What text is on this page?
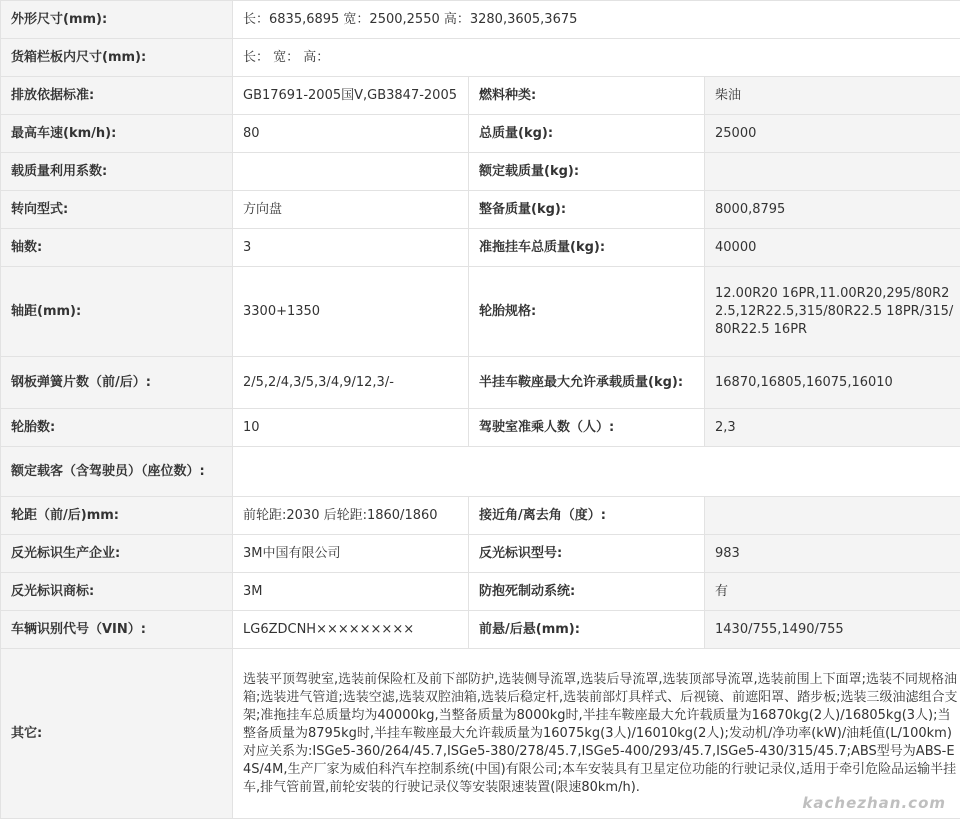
外形尺寸(mm):	长：6835,6895 宽：2500,2550 高：3280,3605,3675		
货箱栏板内尺寸(mm):	长： 宽： 高：		
排放依据标准:	GB17691-2005国Ⅴ,GB3847-2005	燃料种类:	柴油
最高车速(km/h):	80	总质量(kg):	25000
载质量利用系数:		额定载质量(kg):	
转向型式:	方向盘	整备质量(kg):	8000,8795
轴数:	3	准拖挂车总质量(kg):	40000
轴距(mm):	3300+1350	轮胎规格:	12.00R20 16PR,11.00R20,295/80R22.5,12R22.5,315/80R22.5 18PR/315/80R22.5 16PR
钢板弹簧片数（前/后）:	2/5,2/4,3/5,3/4,9/12,3/-	半挂车鞍座最大允许承载质量(kg):	16870,16805,16075,16010
轮胎数:	10	驾驶室准乘人数（人）:	2,3
额定载客（含驾驶员）（座位数）:			
轮距（前/后)mm:	前轮距:2030 后轮距:1860/1860	接近角/离去角（度）:	
反光标识生产企业:	3M中国有限公司	反光标识型号:	983
反光标识商标:	3M	防抱死制动系统:	有
车辆识别代号（VIN）:	LG6ZDCNH×××××××××	前悬/后悬(mm):	1430/755,1490/755
其它:	选装平顶驾驶室,选装前保险杠及前下部防护,选装侧导流罩,选装后导流罩,选装顶部导流罩,选装前围上下面罩;选装不同规格油箱;选装进气管道;选装空滤,选装双腔油箱,选装后稳定杆,选装前部灯具样式、后视镜、前遮阳罩、踏步板;选装三级油滤组合支架;准拖挂车总质量均为40000kg,当整备质量为8000kg时,半挂车鞍座最大允许载质量为16870kg(2人)/16805kg(3人);当整备质量为8795kg时,半挂车鞍座最大允许载质量为16075kg(3人)/16010kg(2人);发动机/净功率(kW)/油耗值(L/100km)对应关系为:ISGe5-360/264/45.7,ISGe5-380/278/45.7,ISGe5-400/293/45.7,ISGe5-430/315/45.7;ABS型号为ABS-E 4S/4M,生产厂家为威伯科汽车控制系统(中国)有限公司;本车安装具有卫星定位功能的行驶记录仪,适用于牵引危险品运输半挂车,排气管前置,前轮安装的行驶记录仪等安装限速装置(限速80km/h).		
kachezhan.com
